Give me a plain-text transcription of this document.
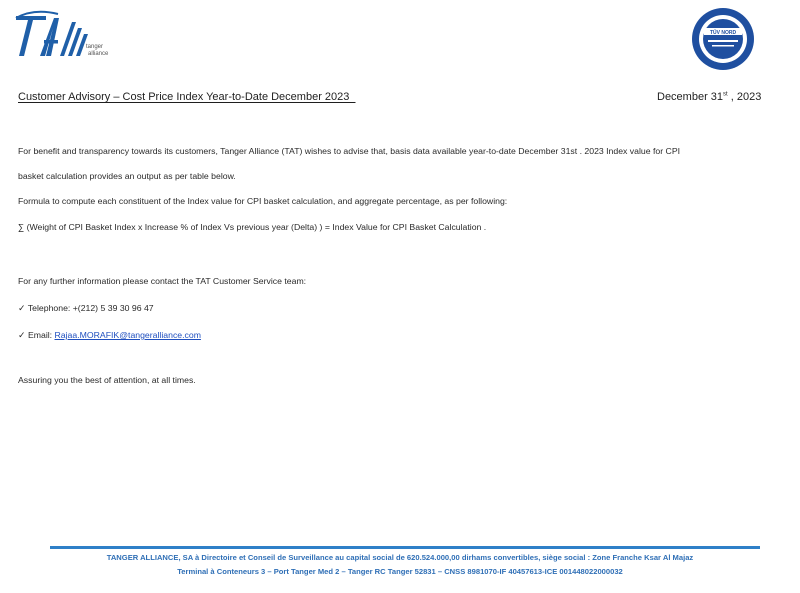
tanger
alliance
TÜV NORD
Customer Advisory – Cost Price Index Year-to-Date December 2023	December 31st , 2023
For benefit and transparency towards its customers, Tanger Alliance (TAT) wishes to advise that, basis data available year-to-date December 31st . 2023 Index value for CPI
basket calculation provides an output as per table below.
Formula to compute each constituent of the Index value for CPI basket calculation, and aggregate percentage, as per following:
∑ (Weight of CPI Basket Index x Increase % of Index Vs previous year (Delta) ) = Index Value for CPI Basket Calculation .
For any further information please contact the TAT Customer Service team:
✓ Telephone: +(212) 5 39 30 96 47
✓ Email: Rajaa.MORAFIK@tangeralliance.com
Assuring you the best of attention, at all times.
TANGER ALLIANCE, SA à Directoire et Conseil de Surveillance au capital social de 620.524.000,00 dirhams convertibles, siège social : Zone Franche Ksar Al Majaz
Terminal à Conteneurs 3 – Port Tanger Med 2 – Tanger RC Tanger 52831 – CNSS 8981070-IF 40457613-ICE 001448022000032
